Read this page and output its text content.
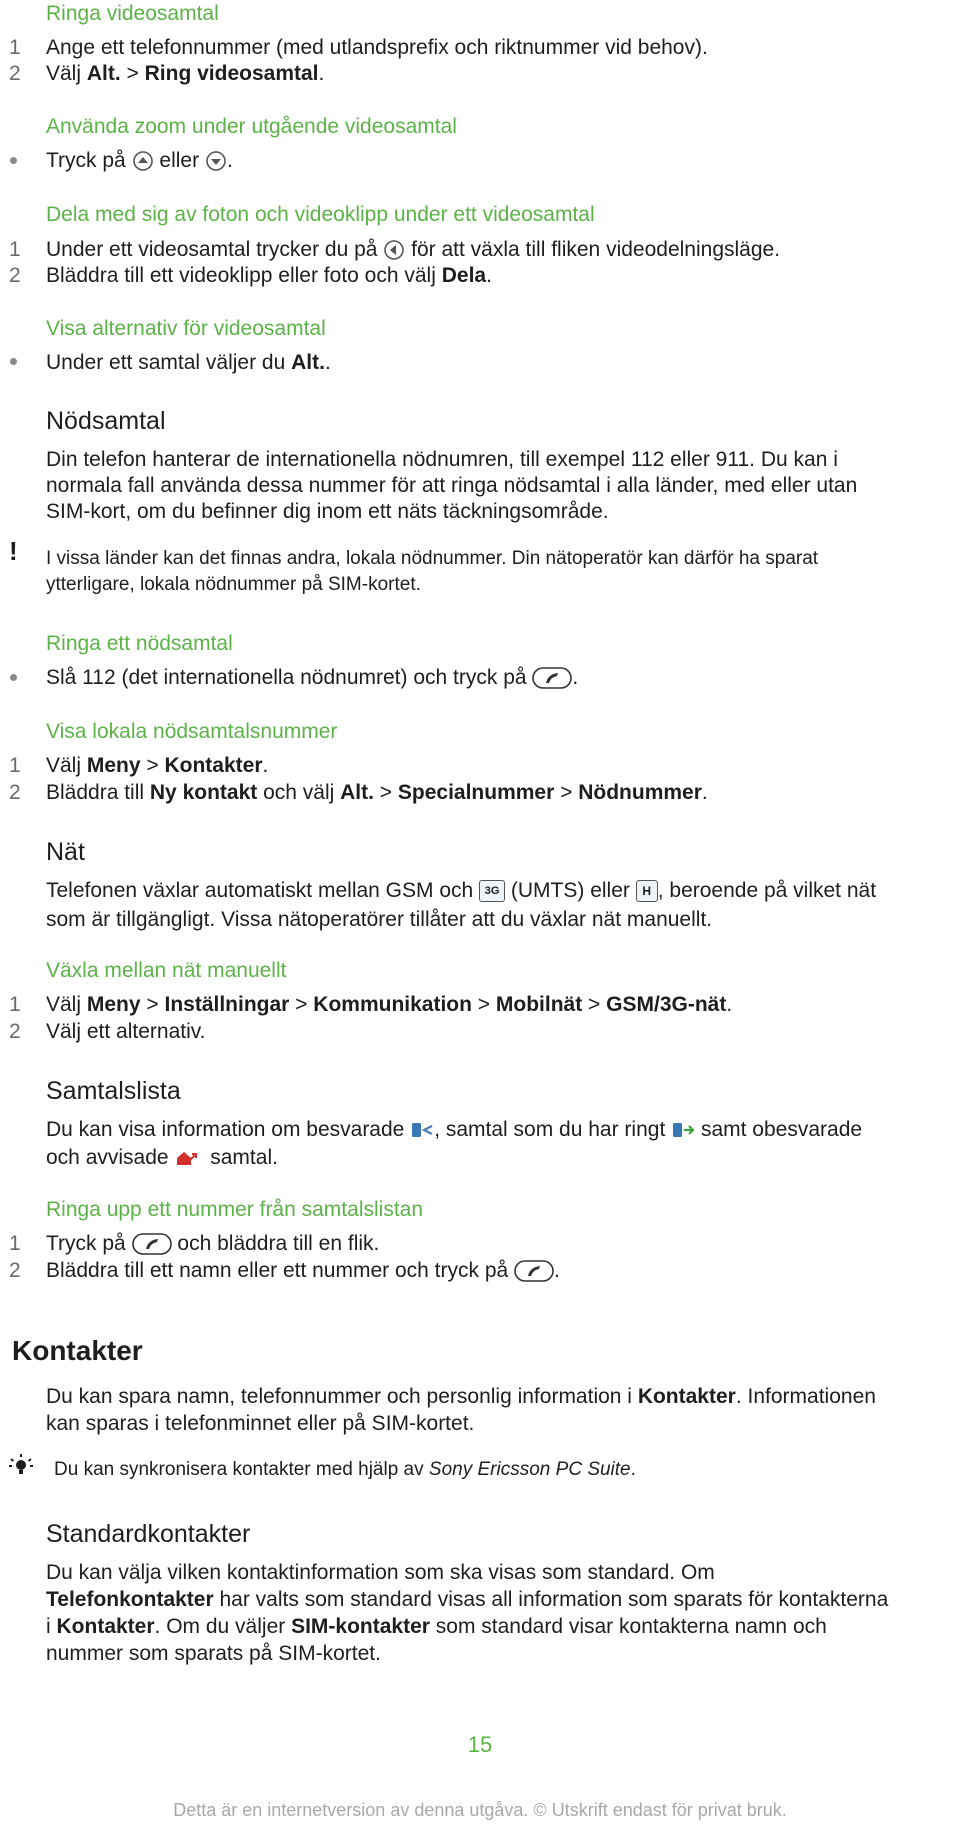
Ringa videosamtal
1 Ange ett telefonnummer (med utlandsprefix och riktnummer vid behov).
2 Välj Alt. > Ring videosamtal.
Använda zoom under utgående videosamtal
Tryck på  eller .
Dela med sig av foton och videoklipp under ett videosamtal
1 Under ett videosamtal trycker du på  för att växla till fliken videodelningsläge.
2 Bläddra till ett videoklipp eller foto och välj Dela.
Visa alternativ för videosamtal
Under ett samtal väljer du Alt..
Nödsamtal
Din telefon hanterar de internationella nödnumren, till exempel 112 eller 911. Du kan i
normala fall använda dessa nummer för att ringa nödsamtal i alla länder, med eller utan
SIM-kort, om du befinner dig inom ett näts täckningsområde.
! I vissa länder kan det finnas andra, lokala nödnummer. Din nätoperatör kan därför ha sparat
ytterligare, lokala nödnummer på SIM-kortet.
Ringa ett nödsamtal
Slå 112 (det internationella nödnumret) och tryck på .
Visa lokala nödsamtalsnummer
1 Välj Meny > Kontakter.
2 Bläddra till Ny kontakt och välj Alt. > Specialnummer > Nödnummer.
Nät
Telefonen växlar automatiskt mellan GSM och 3G (UMTS) eller H , beroende på vilket nät
som är tillgängligt. Vissa nätoperatörer tillåter att du växlar nät manuellt.
Växla mellan nät manuellt
1 Välj Meny > Inställningar > Kommunikation > Mobilnät > GSM/3G-nät.
2 Välj ett alternativ.
Samtalslista
Du kan visa information om besvarade , samtal som du har ringt  samt obesvarade
och avvisade  samtal.
Ringa upp ett nummer från samtalslistan
1 Tryck på  och bläddra till en flik.
2 Bläddra till ett namn eller ett nummer och tryck på .
Kontakter
Du kan spara namn, telefonnummer och personlig information i Kontakter. Informationen
kan sparas i telefonminnet eller på SIM-kortet.
Du kan synkronisera kontakter med hjälp av Sony Ericsson PC Suite.
Standardkontakter
Du kan välja vilken kontaktinformation som ska visas som standard. Om
Telefonkontakter har valts som standard visas all information som sparats för kontakterna
i Kontakter. Om du väljer SIM-kontakter som standard visar kontakterna namn och
nummer som sparats på SIM-kortet.
15
Detta är en internetversion av denna utgåva. © Utskrift endast för privat bruk.
